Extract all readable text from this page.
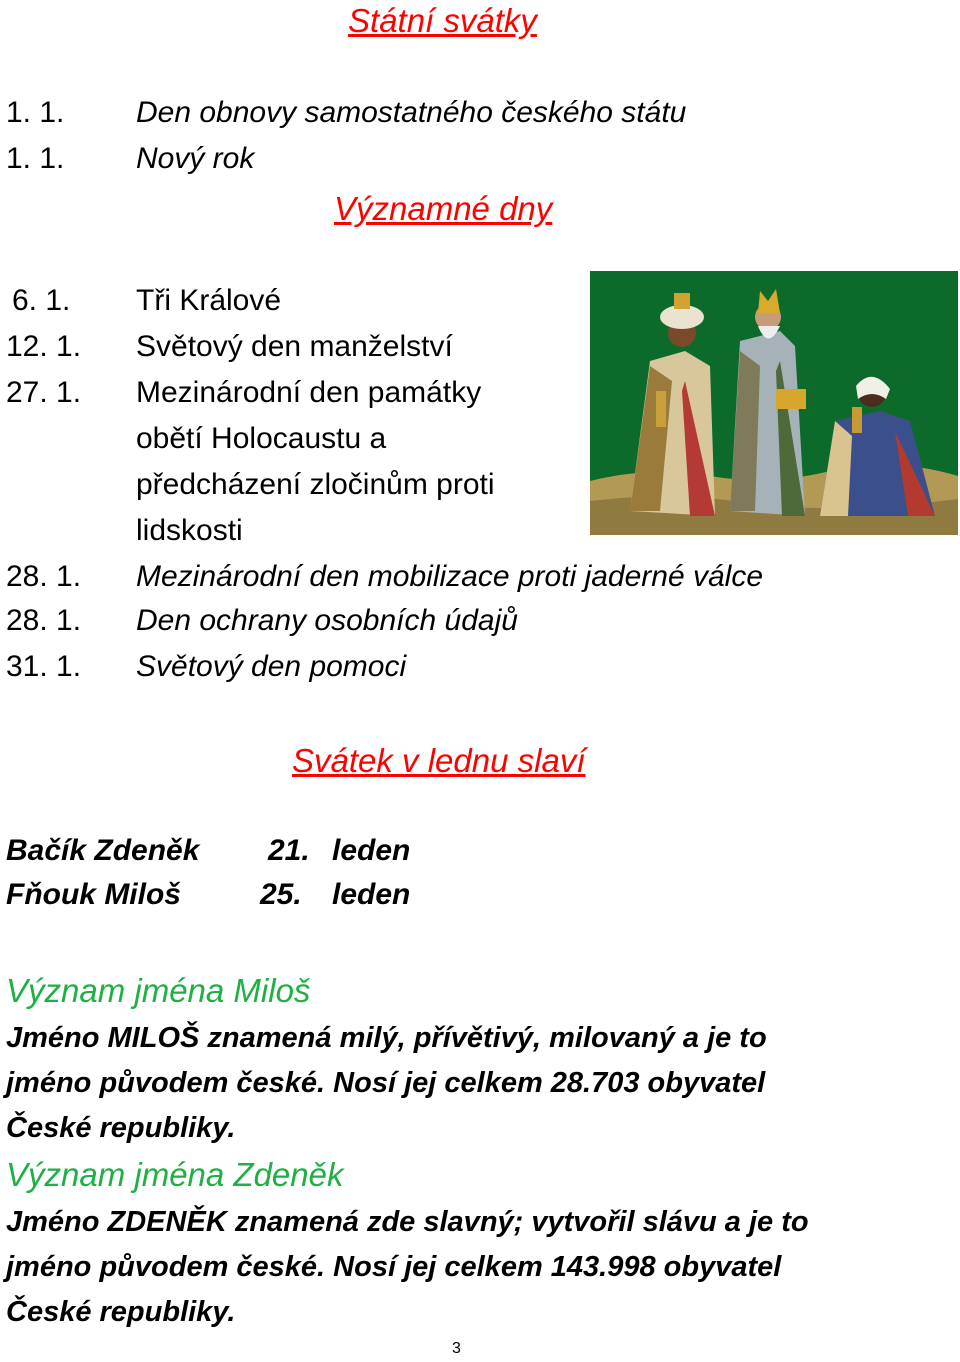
Státní svátky
1. 1. Den obnovy samostatného českého státu
1. 1. Nový rok
Významné dny
6. 1. Tři Králové
12. 1. Světový den manželství
27. 1. Mezinárodní den památky
obětí Holocaustu a
předcházení zločinům proti
lidskosti
28. 1. Mezinárodní den mobilizace proti jaderné válce
28. 1. Den ochrany osobních údajů
31. 1. Světový den pomoci
Svátek v lednu slaví
Bačík Zdeněk 21. leden
Fňouk Miloš	25. leden
Význam jména Miloš
Jméno MILOŠ znamená milý, přívětivý, milovaný a je to
jméno původem české. Nosí jej celkem 28.703 obyvatel
České republiky.
Význam jména Zdeněk
Jméno ZDENĚK znamená zde slavný; vytvořil slávu a je to
jméno původem české. Nosí jej celkem 143.998 obyvatel
České republiky.
3
